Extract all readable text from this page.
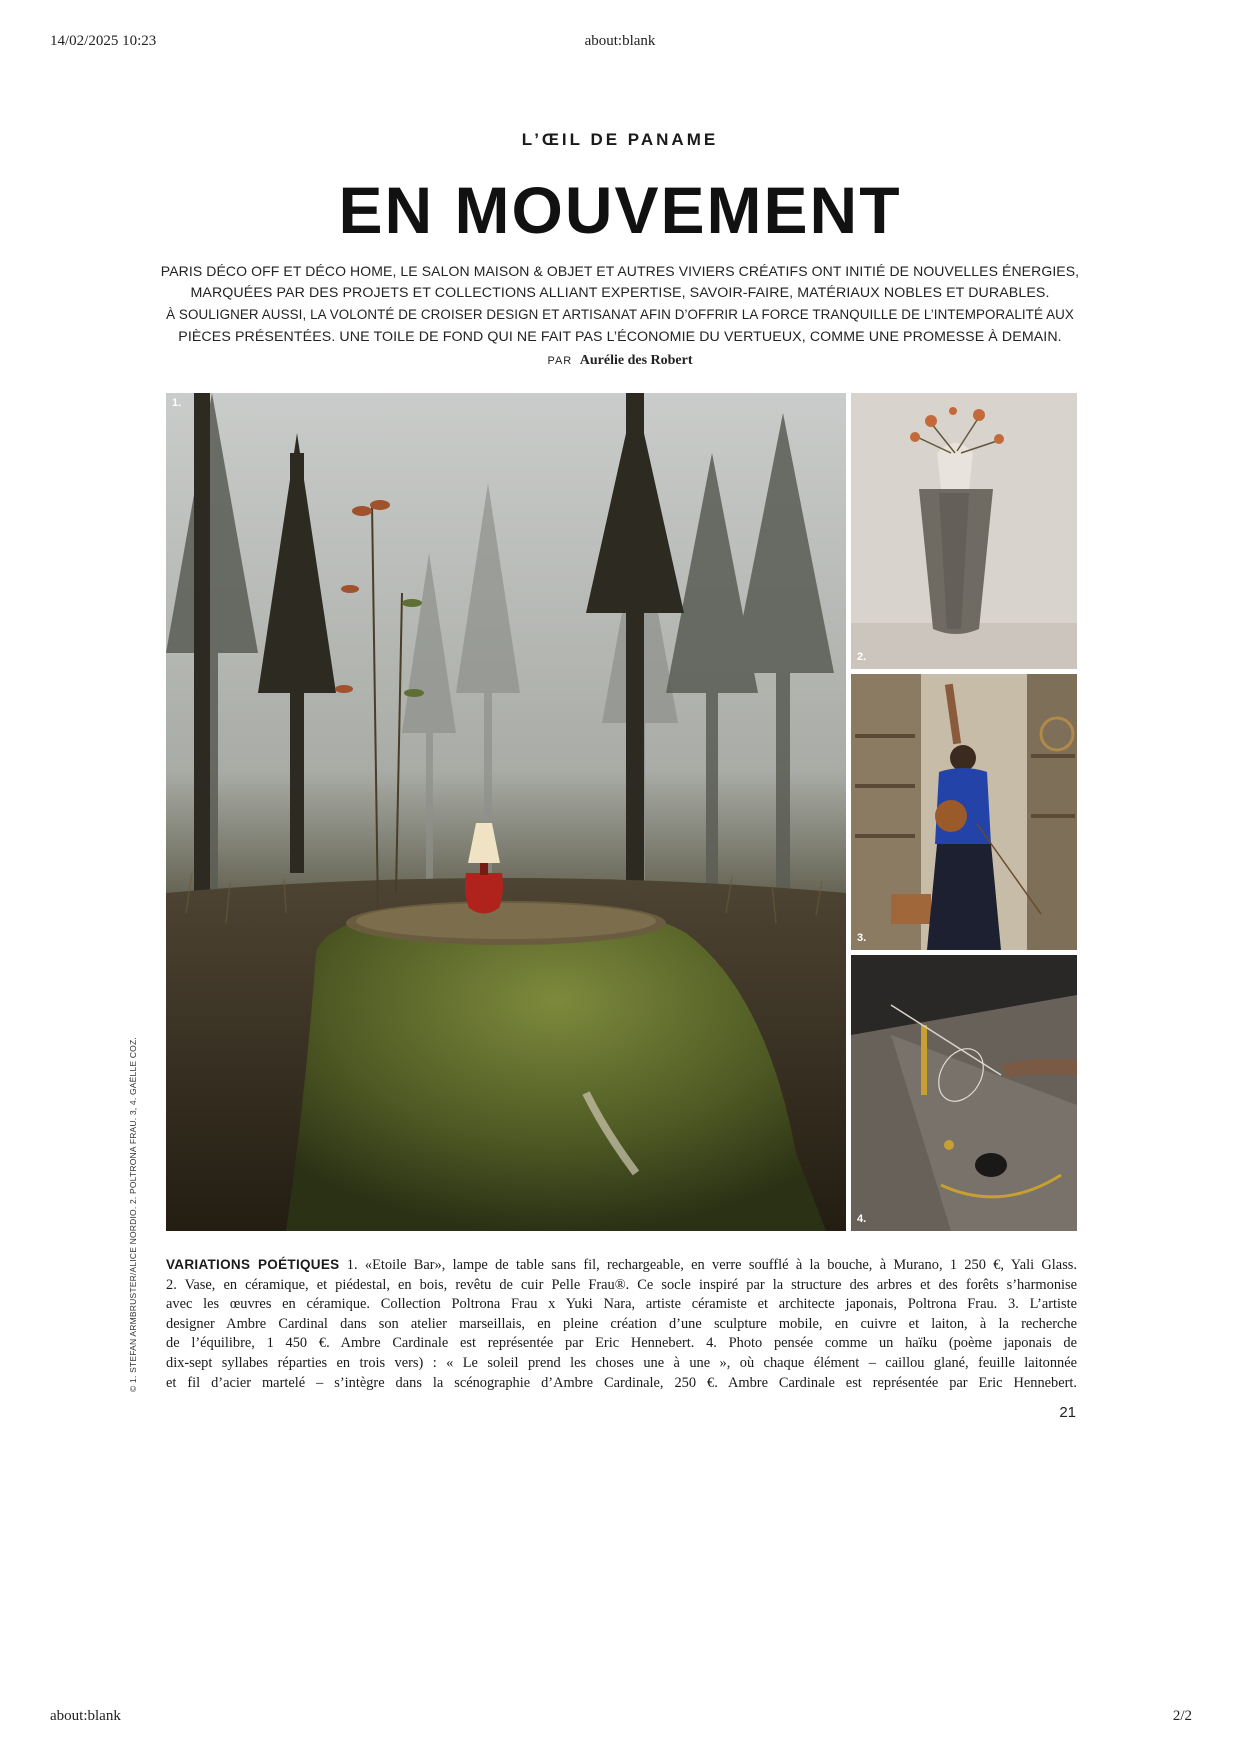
14/02/2025 10:23	about:blank
L’ŒIL DE PANAME
EN MOUVEMENT
PARIS DÉCO OFF ET DÉCO HOME, LE SALON MAISON & OBJET ET AUTRES VIVIERS CRÉATIFS ONT INITIÉ DE NOUVELLES ÉNERGIES,
MARQUÉES PAR DES PROJETS ET COLLECTIONS ALLIANT EXPERTISE, SAVOIR-FAIRE, MATÉRIAUX NOBLES ET DURABLES.
À SOULIGNER AUSSI, LA VOLONTÉ DE CROISER DESIGN ET ARTISANAT AFIN D’OFFRIR LA FORCE TRANQUILLE DE L’INTEMPORALITÉ AUX
PIÈCES PRÉSENTÉES. UNE TOILE DE FOND QUI NE FAIT PAS L’ÉCONOMIE DU VERTUEUX, COMME UNE PROMESSE À DEMAIN.
PAR Aurélie des Robert
1.
2.
3.
4.
© 1. STEFAN ARMBRUSTER/ALICE NORDIO. 2. POLTRONA FRAU. 3, 4. GAËLLE COZ. VARIATIONS POÉTIQUES 1. «Etoile Bar», lampe de table sans fil, rechargeable, en verre soufflé à la bouche, à Murano, 1 250 €, Yali Glass.
2. Vase, en céramique, et piédestal, en bois, revêtu de cuir Pelle Frau®. Ce socle inspiré par la structure des arbres et des forêts s’harmonise
avec les œuvres en céramique. Collection Poltrona Frau x Yuki Nara, artiste céramiste et architecte japonais, Poltrona Frau. 3. L’artiste
designer Ambre Cardinal dans son atelier marseillais, en pleine création d’une sculpture mobile, en cuivre et laiton, à la recherche
de l’équilibre, 1 450 €. Ambre Cardinale est représentée par Eric Hennebert. 4. Photo pensée comme un haïku (poème japonais de
dix-sept syllabes réparties en trois vers) : « Le soleil prend les choses une à une », où chaque élément – caillou glané, feuille laitonnée
et fil d’acier martelé – s’intègre dans la scénographie d’Ambre Cardinale, 250 €. Ambre Cardinale est représentée par Eric Hennebert.
21
about:blank	2/2
